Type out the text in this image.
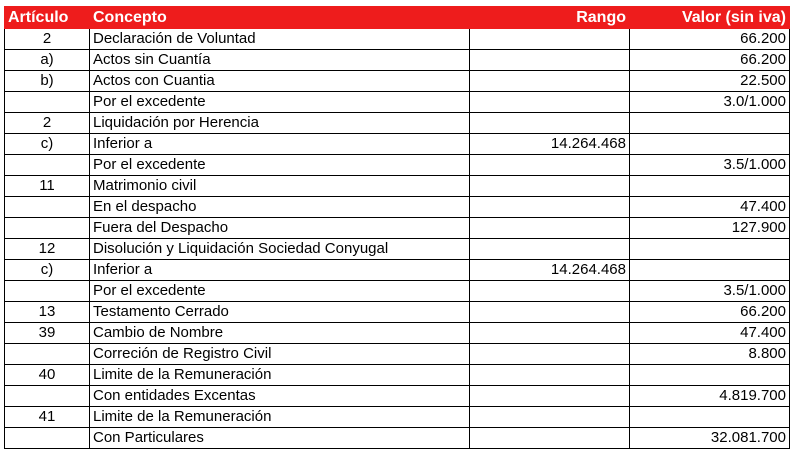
Artículo	Concepto	Rango	Valor (sin iva)
2	Declaración de Voluntad		66.200
a)	Actos sin Cuantía		66.200
b)	Actos con Cuantia		22.500
	Por el excedente		3.0/1.000
2	Liquidación por Herencia		
c)	Inferior a	14.264.468	
	Por el excedente		3.5/1.000
11	Matrimonio civil		
	En el despacho		47.400
	Fuera del Despacho		127.900
12	Disolución y Liquidación Sociedad Conyugal		
c)	Inferior a	14.264.468	
	Por el excedente		3.5/1.000
13	Testamento Cerrado		66.200
39	Cambio de Nombre		47.400
	Correción de Registro Civil		8.800
40	Limite de la Remuneración		
	Con entidades Excentas		4.819.700
41	Limite de la Remuneración		
	Con Particulares		32.081.700
